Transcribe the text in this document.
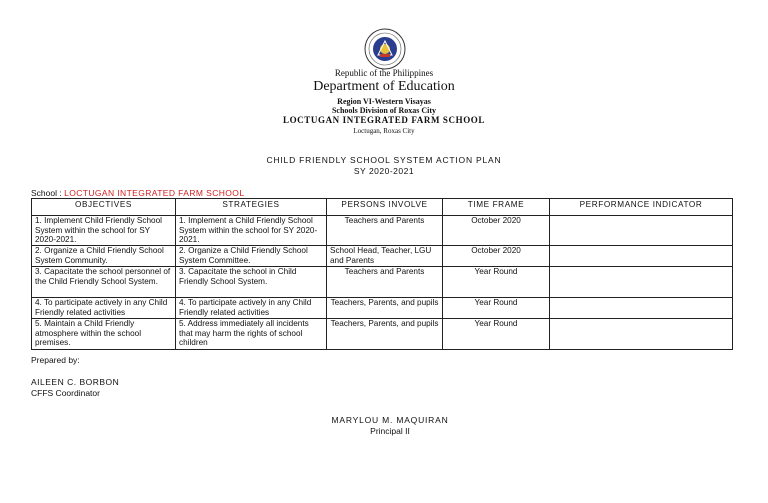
Republic of the Philippines
Department of Education
Region VI-Western Visayas
Schools Division of Roxas City
LOCTUGAN INTEGRATED FARM SCHOOL
Loctugan, Roxas City
CHILD FRIENDLY SCHOOL SYSTEM ACTION PLAN
SY 2020-2021
School : LOCTUGAN INTEGRATED FARM SCHOOL
OBJECTIVES	STRATEGIES	PERSONS INVOLVE	TIME FRAME	PERFORMANCE INDICATOR
1. Implement Child Friendly School System within the school for SY 2020-2021.	1. Implement a Child Friendly School System within the school for SY 2020-2021.	Teachers and Parents	October 2020	
2. Organize a Child Friendly School System Community.	2. Organize a Child Friendly School System Committee.	School Head, Teacher, LGU and Parents	October 2020	
3. Capacitate the school personnel of the Child Friendly School System.	3. Capacitate the school in Child Friendly School System.	Teachers and Parents	Year Round	
4. To participate actively in any Child Friendly related activities	4. To participate actively in any Child Friendly related activities	Teachers, Parents, and pupils	Year Round	
5. Maintain a Child Friendly atmosphere within the school premises.	5. Address immediately all incidents that may harm the rights of school children	Teachers, Parents, and pupils	Year Round	
Prepared by:
AILEEN C. BORBON
CFFS Coordinator
MARYLOU M. MAQUIRAN
Principal II
